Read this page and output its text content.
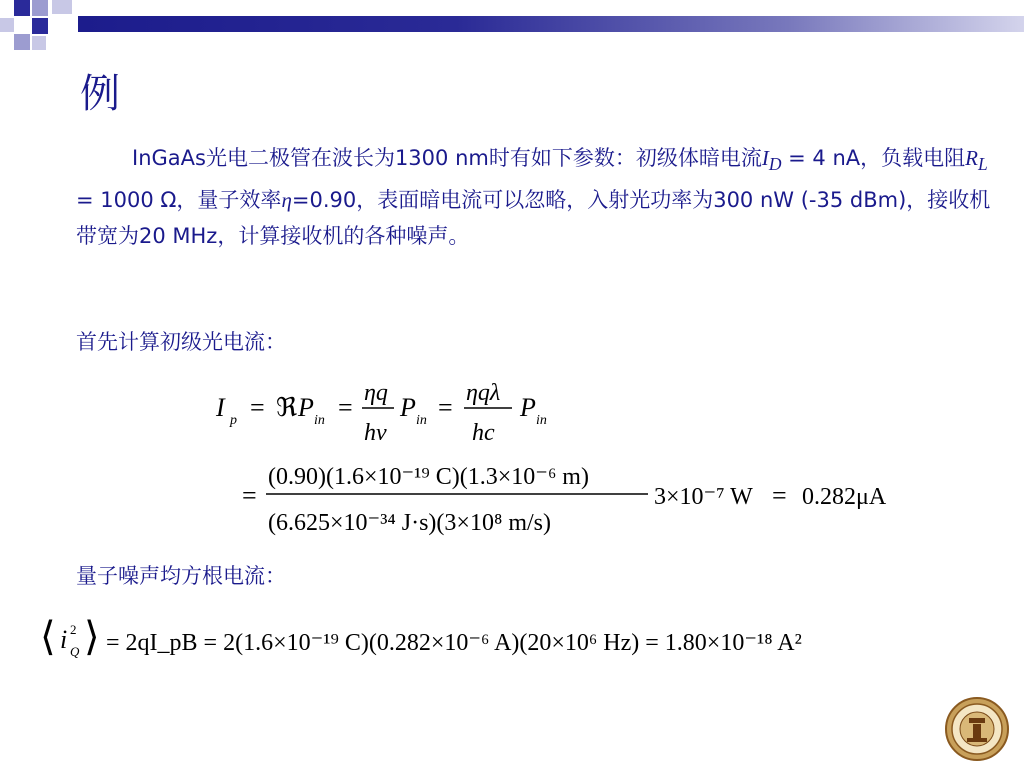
例
InGaAs光电二极管在波长为1300 nm时有如下参数：初级体暗电流$I_D = 4$ nA，负载电阻$R_L = 1000$ Ω，量子效率η=0.90，表面暗电流可以忽略，入射光功率为300 nW (-35 dBm)，接收机带宽为20 MHz，计算接收机的各种噪声。
首先计算初级光电流：
I p = ℜ P in = ηq
hν
P in = ηqλ
hc
P in
=
(0.90)(1.6×10⁻¹⁹ C)(1.3×10⁻⁶ m)
(6.625×10⁻³⁴ J·s)(3×10⁸ m/s)
3×10⁻⁷ W = 0.282μA
量子噪声均方根电流：
⟨ i 2
Q ⟩ = 2qI_pB = 2(1.6×10⁻¹⁹ C)(0.282×10⁻⁶ A)(20×10⁶ Hz) = 1.80×10⁻¹⁸ A²
